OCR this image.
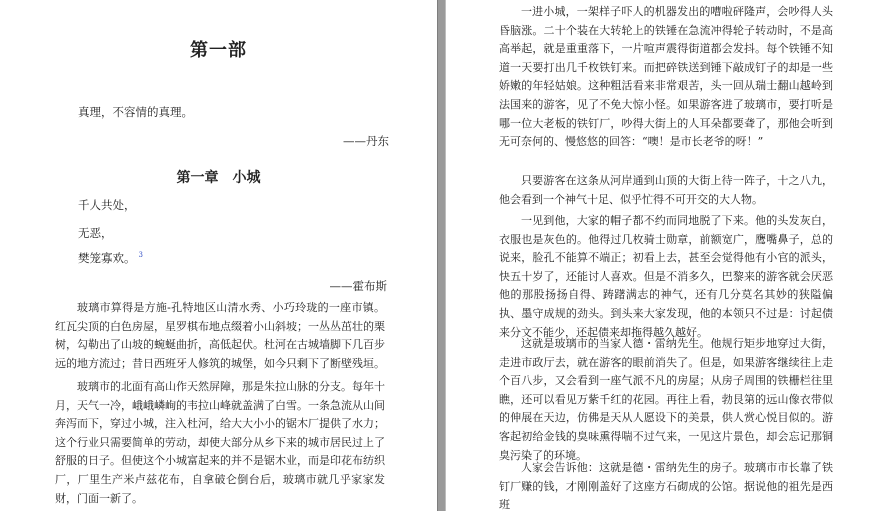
第一部

真理，不容情的真理。

——丹东

第一章　小城

千人共处，

无恶，

樊笼寡欢。 $^3$

——霍布斯

玻璃市算得是方施-孔特地区山清水秀、小巧玲珑的一座市镇。红瓦尖顶的白色房屋，星罗棋布地点缀着小山斜坡；一丛丛茁壮的栗树，勾勒出了山坡的蜿蜒曲折，高低起伏。杜河在古城墙脚下几百步远的地方流过；昔日西班牙人修筑的城堡，如今只剩下了断壁残垣。

玻璃市的北面有高山作天然屏障，那是朱拉山脉的分支。每年十月，天气一冷，峨峨嶙峋的韦拉山峰就盖满了白雪。一条急流从山间奔泻而下，穿过小城，注入杜河，给大大小小的锯木厂提供了水力；这个行业只需要简单的劳动，却使大部分从乡下来的城市居民过上了舒服的日子。但使这个小城富起来的并不是锯木业，而是印花布纺织厂，厂里生产米卢兹花布，自拿破仑倒台后，玻璃市就几乎家家发财，门面一新了。

一进小城，一架样子吓人的机器发出的嘈啦砰隆声，会吵得人头昏脑涨。二十个装在大转轮上的铁锤在急流冲得轮子转动时，不是高高举起，就是重重落下，一片喧声震得街道都会发抖。每个铁锤不知道一天要打出几千枚铁钉来。而把碎铁送到锤下敲成钉子的却是一些娇嫩的年轻姑娘。这种粗活看来非常艰苦，头一回从瑞士翻山越岭到法国来的游客，见了不免大惊小怪。如果游客进了玻璃市，要打听是哪一位大老板的铁钉厂，吵得大街上的人耳朵都要聋了，那他会听到无可奈何的、慢悠悠的回答：“噢！是市长老爷的呀！”

只要游客在这条从河岸通到山顶的大街上待一阵子，十之八九，他会看到一个神气十足、似乎忙得不可开交的大人物。

一见到他，大家的帽子都不约而同地脱了下来。他的头发灰白，衣服也是灰色的。他得过几枚骑士勋章，前额宽广，鹰嘴鼻子，总的说来，脸孔不能算不端正；初看上去，甚至会觉得他有小官的派头，快五十岁了，还能讨人喜欢。但是不消多久，巴黎来的游客就会厌恶他的那股扬扬自得、踌躇满志的神气，还有几分莫名其妙的狭隘偏执、墨守成规的劲头。到头来大家发现，他的本领只不过是：讨起债来分文不能少，还起债来却拖得越久越好。

这就是玻璃市的当家人德・雷纳先生。他规行矩步地穿过大街，走进市政厅去，就在游客的眼前消失了。但是，如果游客继续往上走个百八步，又会看到一座气派不凡的房屋；从房子周围的铁栅栏往里瞧，还可以看见万紫千红的花园。再往上看，勃艮第的远山像衣带似的伸展在天边，仿佛是天从人愿设下的美景，供人赏心悦目似的。游客起初给金钱的臭味熏得喘不过气来，一见这片景色，却会忘记那铜臭污染了的环境。

人家会告诉他：这就是德・雷纳先生的房子。玻璃市市长靠了铁钉厂赚的钱，才刚刚盖好了这座方石砌成的公馆。据说他的祖先是西班
